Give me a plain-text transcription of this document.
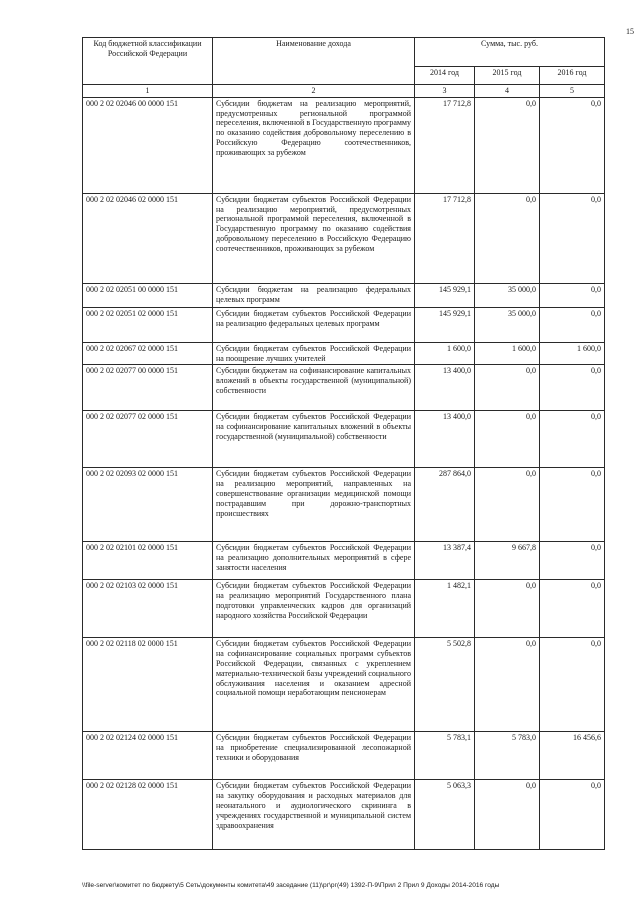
15
Код бюджетной классификации Российской Федерации	Наименование дохода	Сумма, тыс. руб.		
		2014 год	2015 год	2016 год
1	2	3	4	5
000 2 02 02046 00 0000 151	Субсидии бюджетам на реализацию мероприятий, предусмотренных региональной программой переселения, включенной в Государственную программу по оказанию содействия добровольному переселению в Российскую Федерацию соотечественников, проживающих за рубежом	17 712,8	0,0	0,0
000 2 02 02046 02 0000 151	Субсидии бюджетам субъектов Российской Федерации на реализацию мероприятий, предусмотренных региональной программой переселения, включенной в Государственную программу по оказанию содействия добровольному переселению в Российскую Федерацию соотечественников, проживающих за рубежом	17 712,8	0,0	0,0
000 2 02 02051 00 0000 151	Субсидии бюджетам на реализацию федеральных целевых программ	145 929,1	35 000,0	0,0
000 2 02 02051 02 0000 151	Субсидии бюджетам субъектов Российской Федерации на реализацию федеральных целевых программ	145 929,1	35 000,0	0,0
000 2 02 02067 02 0000 151	Субсидии бюджетам субъектов Российской Федерации на поощрение лучших учителей	1 600,0	1 600,0	1 600,0
000 2 02 02077 00 0000 151	Субсидии бюджетам на софинансирование капитальных вложений в объекты государственной (муниципальной) собственности	13 400,0	0,0	0,0
000 2 02 02077 02 0000 151	Субсидии бюджетам субъектов Российской Федерации на софинансирование капитальных вложений в объекты государственной (муниципальной) собственности	13 400,0	0,0	0,0
000 2 02 02093 02 0000 151	Субсидии бюджетам субъектов Российской Федерации на реализацию мероприятий, направленных на совершенствование организации медицинской помощи пострадавшим при дорожно-транспортных происшествиях	287 864,0	0,0	0,0
000 2 02 02101 02 0000 151	Субсидии бюджетам субъектов Российской Федерации на реализацию дополнительных мероприятий в сфере занятости населения	13 387,4	9 667,8	0,0
000 2 02 02103 02 0000 151	Субсидии бюджетам субъектов Российской Федерации на реализацию мероприятий Государственного плана подготовки управленческих кадров для организаций народного хозяйства Российской Федерации	1 482,1	0,0	0,0
000 2 02 02118 02 0000 151	Субсидии бюджетам субъектов Российской Федерации на софинансирование социальных программ субъектов Российской Федерации, связанных с укреплением материально-технической базы учреждений социального обслуживания населения и оказанием адресной социальной помощи неработающим пенсионерам	5 502,8	0,0	0,0
000 2 02 02124 02 0000 151	Субсидии бюджетам субъектов Российской Федерации на приобретение специализированной лесопожарной техники и оборудования	5 783,1	5 783,0	16 456,6
000 2 02 02128 02 0000 151	Субсидии бюджетам субъектов Российской Федерации на закупку оборудования и расходных материалов для неонатального и аудиологического скрининга в учреждениях государственной и муниципальной систем здравоохранения	5 063,3	0,0	0,0
\\file-server\комитет по бюджету\5 Сеть\документы комитета\49 заседание (11)\рг\рг(49) 1392-П-9\Прил 2 Прил 9 Доходы 2014-2016 годы
